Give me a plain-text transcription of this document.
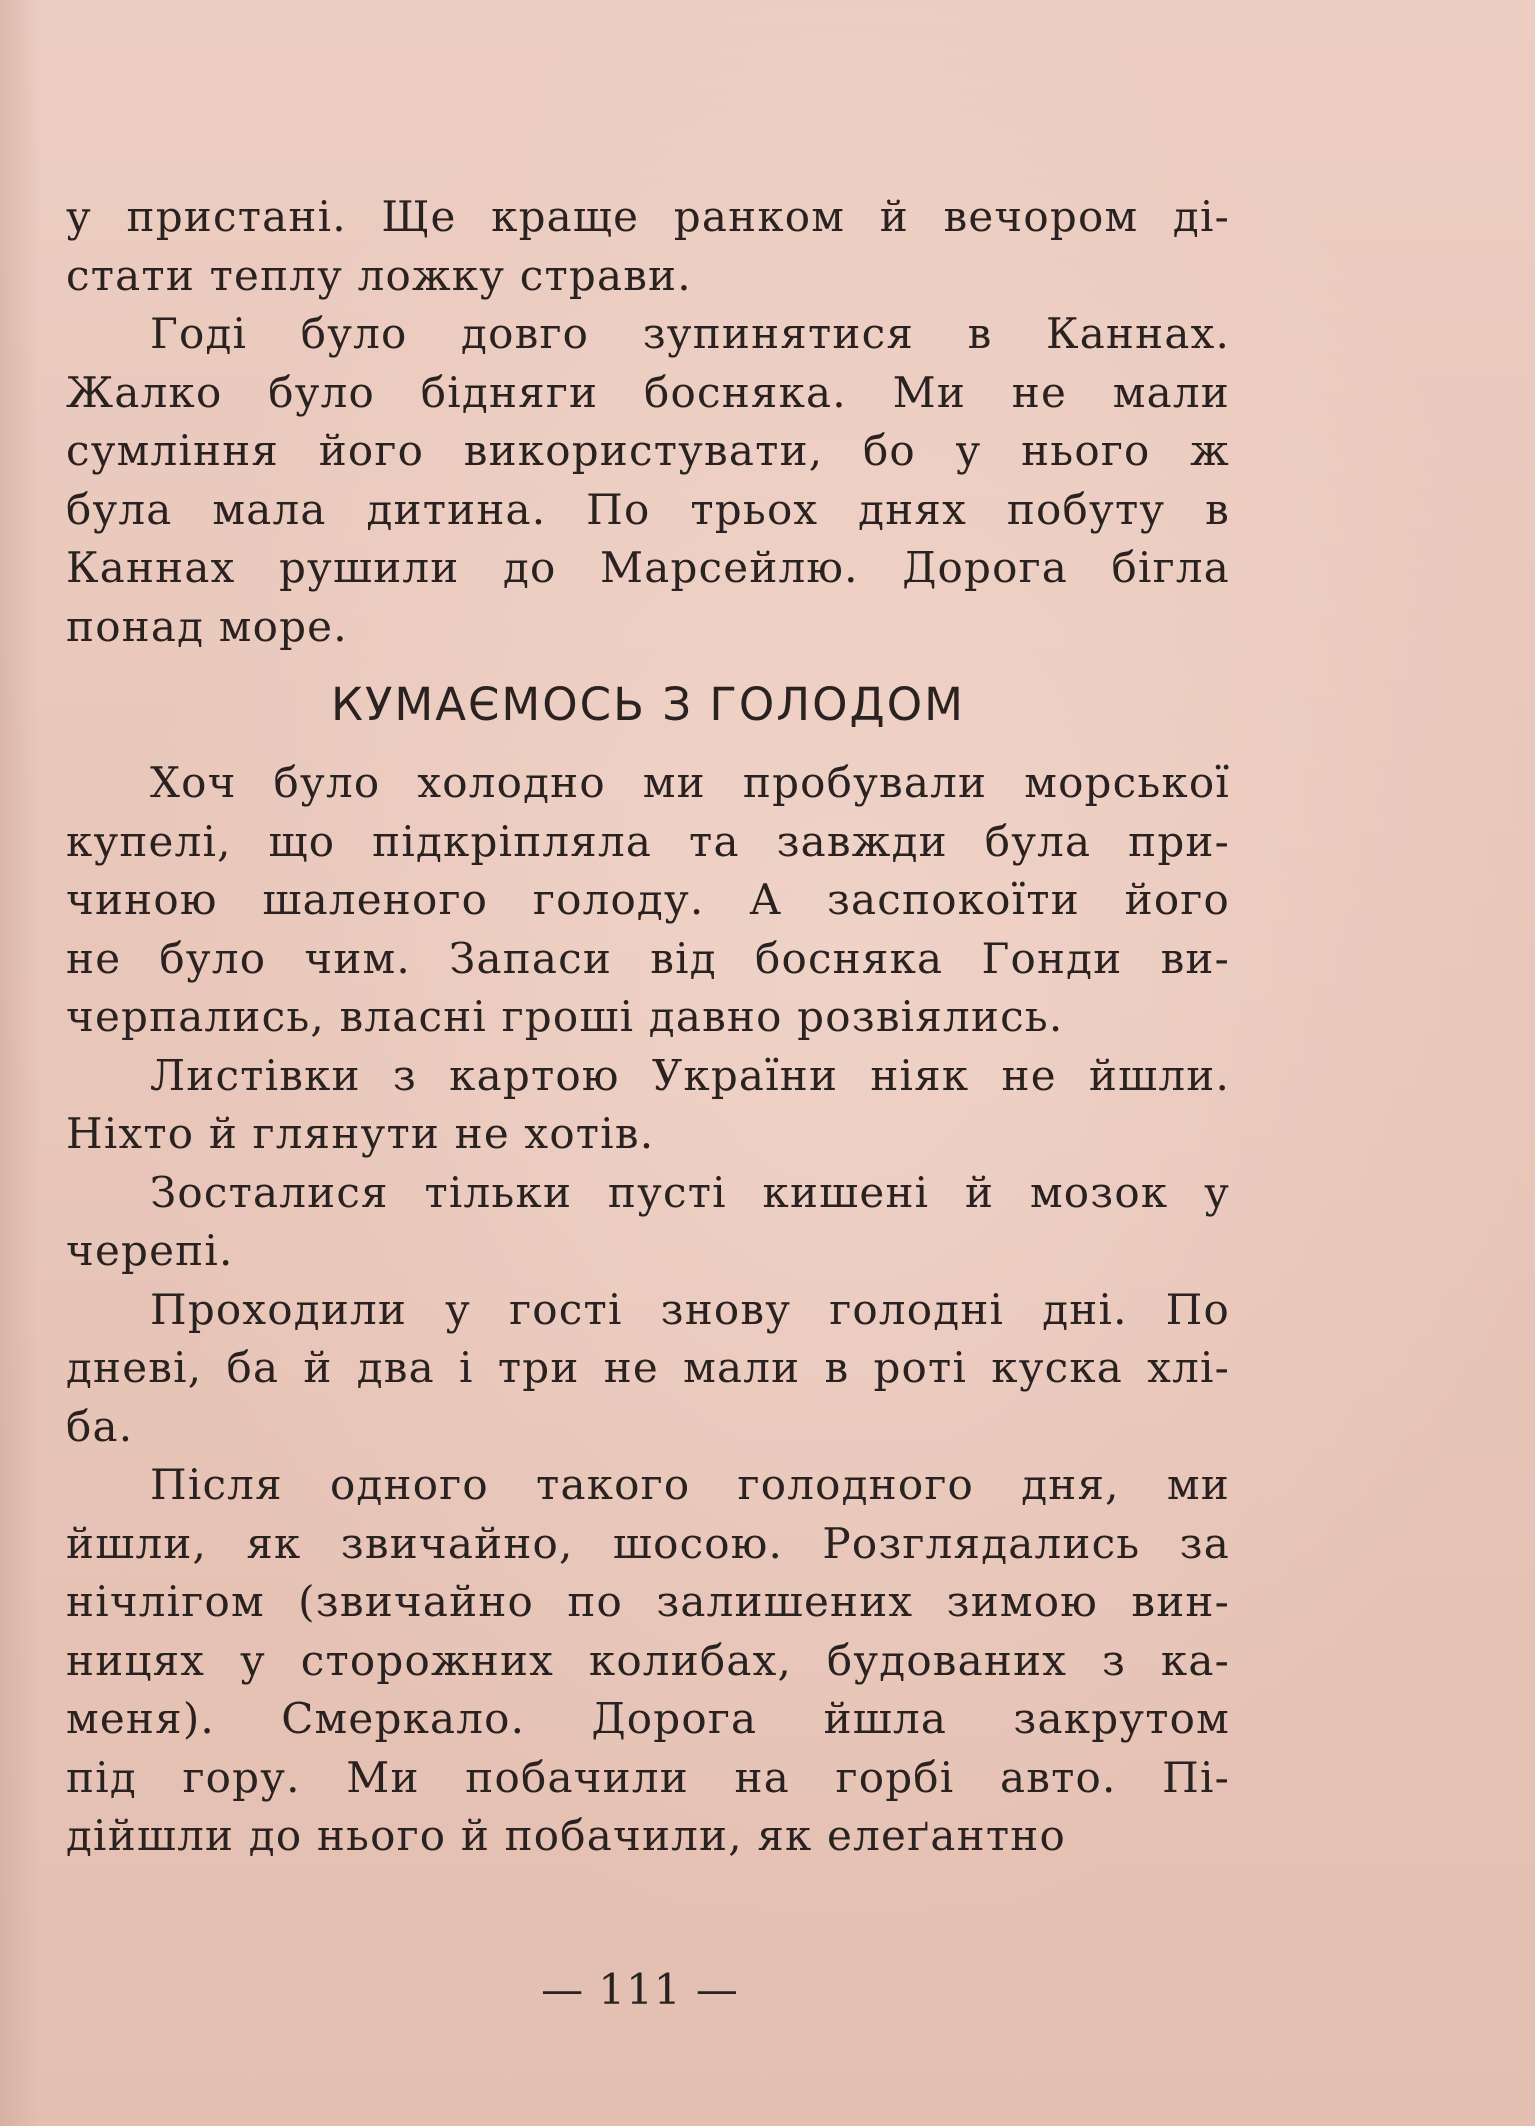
у пристані. Ще краще ранком й вечором ді-
стати теплу ложку страви.
Годі було довго зупинятися в Каннах.
Жалко було бідняги босняка. Ми не мали
сумління його використувати, бо у нього ж
була мала дитина. По трьох днях побуту в
Каннах рушили до Марсейлю. Дорога бігла
понад море.
КУМАЄМОСЬ З ГОЛОДОМ
Хоч було холодно ми пробували морської
купелі, що підкріпляла та завжди була при-
чиною шаленого голоду. А заспокоїти його
не було чим. Запаси від босняка Гонди ви-
черпались, власні гроші давно розвіялись.
Листівки з картою України ніяк не йшли.
Ніхто й глянути не хотів.
Зосталися тільки пусті кишені й мозок у
черепі.
Проходили у гості знову голодні дні. По
дневі, ба й два і три не мали в роті куска хлі-
ба.
Після одного такого голодного дня, ми
йшли, як звичайно, шосою. Розглядались за
нічлігом (звичайно по залишених зимою вин-
ницях у сторожних колибах, будованих з ка-
меня). Смеркало. Дорога йшла закрутом
під гору. Ми побачили на горбі авто. Пі-
дійшли до нього й побачили, як елеґантно
— 111 —
